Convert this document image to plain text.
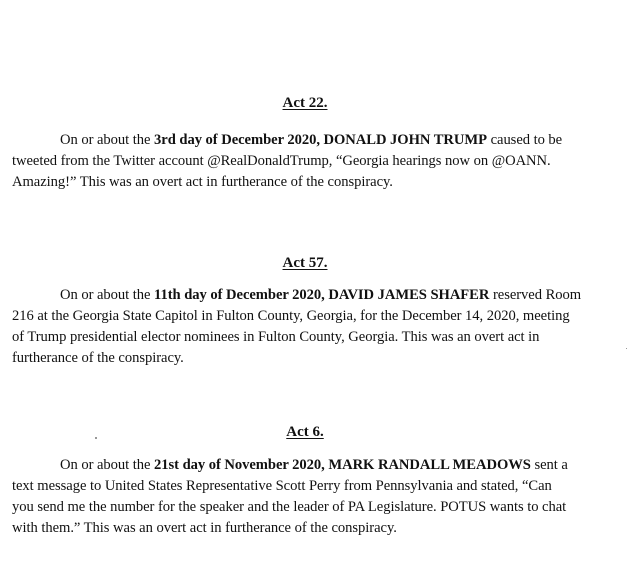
Act 22.
On or about the 3rd day of December 2020, DONALD JOHN TRUMP caused to be
tweeted from the Twitter account @RealDonaldTrump, “Georgia hearings now on @OANN.
Amazing!” This was an overt act in furtherance of the conspiracy.
Act 57.
On or about the 11th day of December 2020, DAVID JAMES SHAFER reserved Room
216 at the Georgia State Capitol in Fulton County, Georgia, for the December 14, 2020, meeting
of Trump presidential elector nominees in Fulton County, Georgia. This was an overt act in
furtherance of the conspiracy.
Act 6.
On or about the 21st day of November 2020, MARK RANDALL MEADOWS sent a
text message to United States Representative Scott Perry from Pennsylvania and stated, “Can
you send me the number for the speaker and the leader of PA Legislature. POTUS wants to chat
with them.” This was an overt act in furtherance of the conspiracy.
